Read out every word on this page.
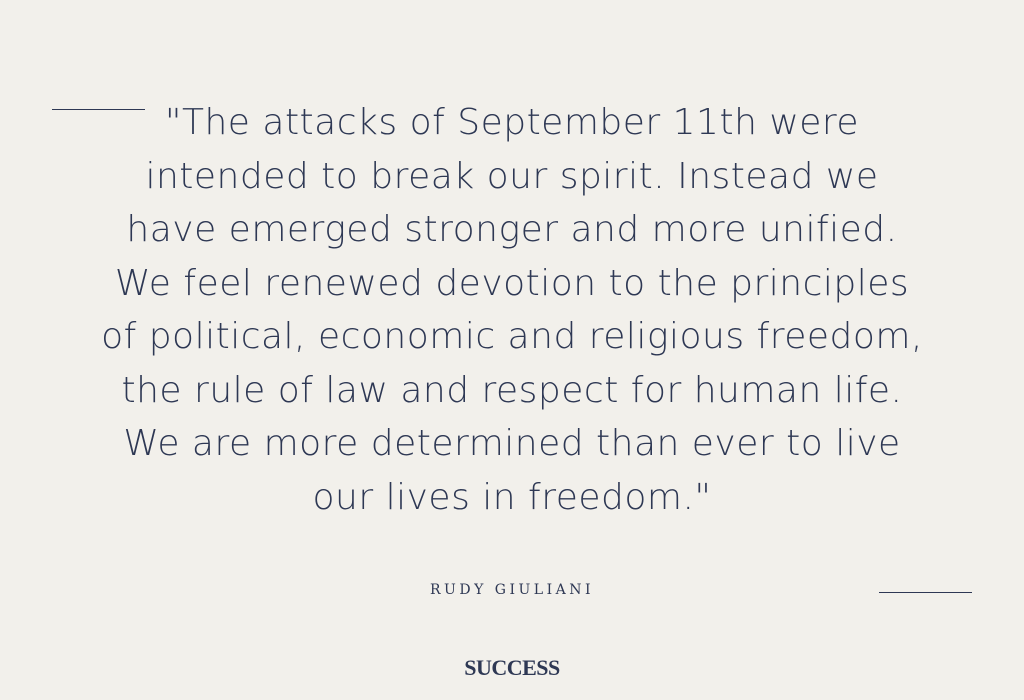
"The attacks of September 11th were
intended to break our spirit. Instead we
have emerged stronger and more unified.
We feel renewed devotion to the principles
of political, economic and religious freedom,
the rule of law and respect for human life.
We are more determined than ever to live
our lives in freedom."

RUDY GIULIANI
SUCCESS
